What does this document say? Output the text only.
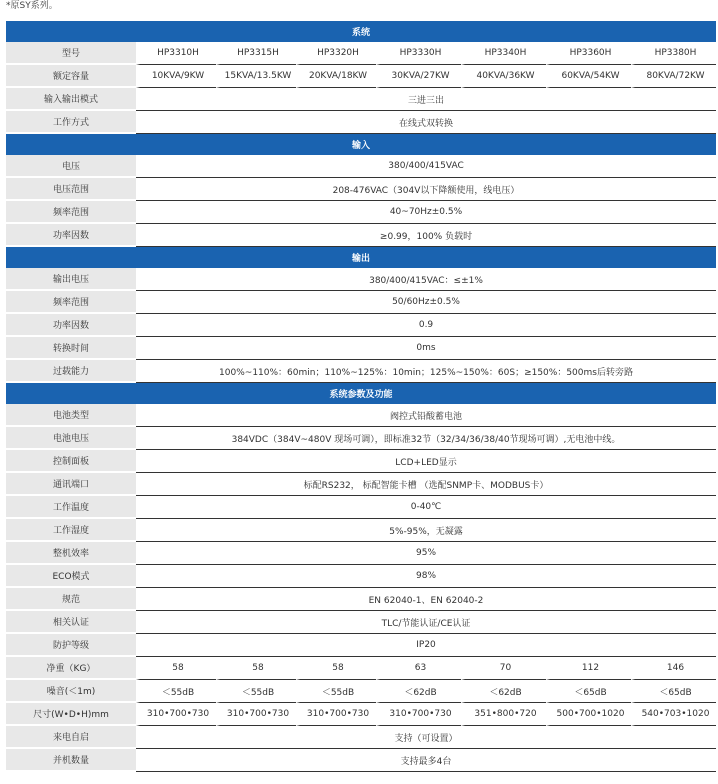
*原SY系列。
系统							
型号	HP3310H	HP3315H	HP3320H	HP3330H	HP3340H	HP3360H	HP3380H
额定容量	10KVA/9KW	15KVA/13.5KW	20KVA/18KW	30KVA/27KW	40KVA/36KW	60KVA/54KW	80KVA/72KW
输入输出模式	三进三出						
工作方式	在线式双转换						
输入							
电压	380/400/415VAC						
电压范围	208-476VAC（304V以下降额使用，线电压）						
频率范围	40~70Hz±0.5%						
功率因数	≥0.99，100% 负载时						
输出							
输出电压	380/400/415VAC：≤±1%						
频率范围	50/60Hz±0.5%						
功率因数	0.9						
转换时间	0ms						
过载能力	100%~110%：60min；110%~125%：10min；125%~150%：60S；≥150%：500ms后转旁路						
系统参数及功能							
电池类型	阀控式铅酸蓄电池						
电池电压	384VDC（384V~480V 现场可调），即标准32节（32/34/36/38/40节现场可调）,无电池中线。						
控制面板	LCD+LED显示						
通讯端口	标配RS232， 标配智能卡槽 （选配SNMP卡、MODBUS卡）						
工作温度	0-40℃						
工作湿度	5%-95%，无凝露						
整机效率	95%						
ECO模式	98%						
规范	EN 62040-1、EN 62040-2						
相关认证	TLC/节能认证/CE认证						
防护等级	IP20						
净重（KG）	58	58	58	63	70	112	146
噪音(＜1m)	＜55dB	＜55dB	＜55dB	＜62dB	＜62dB	＜65dB	＜65dB
尺寸(W•D•H)mm	310•700•730	310•700•730	310•700•730	310•700•730	351•800•720	500•700•1020	540•703•1020
来电自启	支持（可设置）						
并机数量	支持最多4台						
